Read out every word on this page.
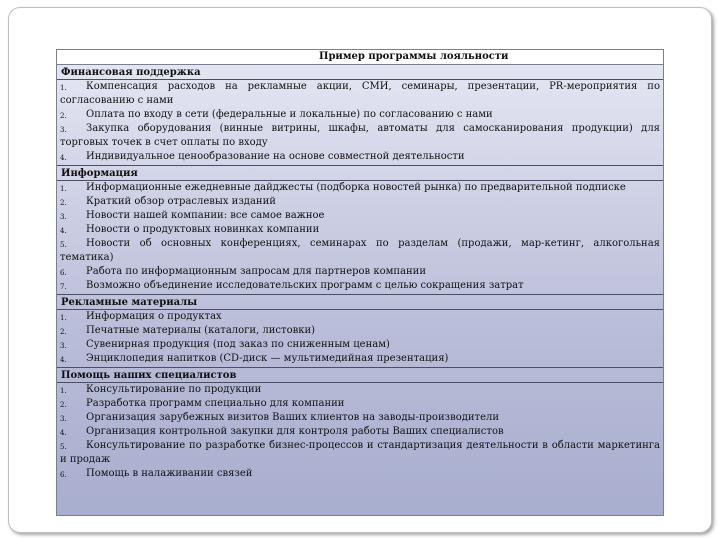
Пример программы лояльности
Финансовая поддержка

1. Компенсация расходов на рекламные акции, СМИ, семинары, презентации, PR-мероприятия по согласованию с нами

2. Оплата по входу в сети (федеральные и локальные) по согласованию с нами

3. Закупка оборудования (винные витрины, шкафы, автоматы для самосканирования продукции) для торговых точек в счет оплаты по входу

4. Индивидуальное ценообразование на основе совместной деятельности

Информация

1. Информационные ежедневные дайджесты (подборка новостей рынка) по предварительной подписке

2. Краткий обзор отраслевых изданий

3. Новости нашей компании: все самое важное

4. Новости о продуктовых новинках компании

5. Новости об основных конференциях, семинарах по разделам (продажи, мар-кетинг, алкогольная тематика)

6. Работа по информационным запросам для партнеров компании

7. Возможно объединение исследовательских программ с целью сокращения затрат

Рекламные материалы

1. Информация о продуктах

2. Печатные материалы (каталоги, листовки)

3. Сувенирная продукция (под заказ по сниженным ценам)

4. Энциклопедия напитков (CD-диск — мультимедийная презентация)

Помощь наших специалистов

1. Консультирование по продукции

2. Разработка программ специально для компании

3. Организация зарубежных визитов Ваших клиентов на заводы-производители

4. Организация контрольной закупки для контроля работы Ваших специалистов

5. Консультирование по разработке бизнес-процессов и стандартизация деятельности в области маркетинга и продаж

6. Помощь в налаживании связей
